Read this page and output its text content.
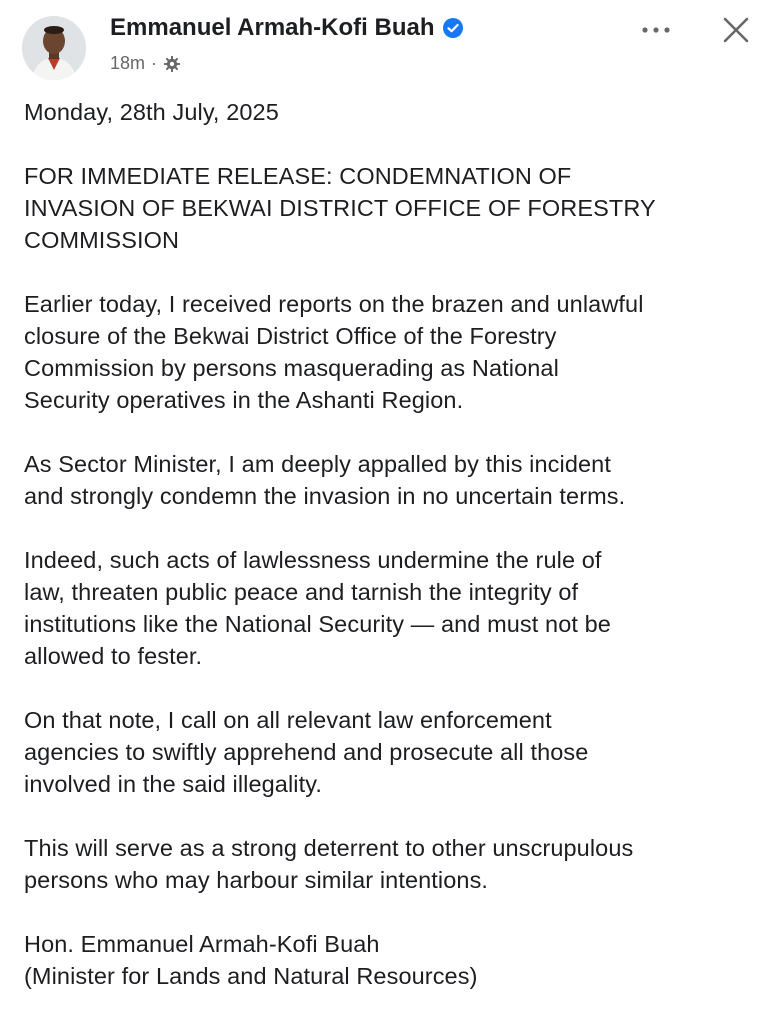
Emmanuel Armah-Kofi Buah
18m ·

Monday, 28th July, 2025

FOR IMMEDIATE RELEASE: CONDEMNATION OF
INVASION OF BEKWAI DISTRICT OFFICE OF FORESTRY
COMMISSION

Earlier today, I received reports on the brazen and unlawful
closure of the Bekwai District Office of the Forestry
Commission by persons masquerading as National
Security operatives in the Ashanti Region.

As Sector Minister, I am deeply appalled by this incident
and strongly condemn the invasion in no uncertain terms.

Indeed, such acts of lawlessness undermine the rule of
law, threaten public peace and tarnish the integrity of
institutions like the National Security — and must not be
allowed to fester.

On that note, I call on all relevant law enforcement
agencies to swiftly apprehend and prosecute all those
involved in the said illegality.

This will serve as a strong deterrent to other unscrupulous
persons who may harbour similar intentions.

Hon. Emmanuel Armah-Kofi Buah
(Minister for Lands and Natural Resources)
